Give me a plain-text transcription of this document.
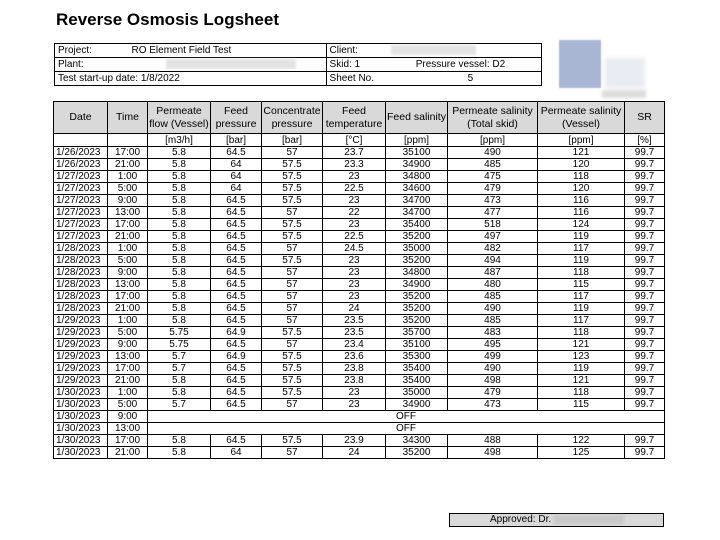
Reverse Osmosis Logsheet
Project: RO Element Field Test	Client:
Plant:	Skid: 1 Pressure vessel: D2
Test start-up date: 1/8/2022	Sheet No. 5
Date	Time	Permeate flow (Vessel)	Feed pressure	Concentrate pressure	Feed temperature	Feed salinity	Permeate salinity (Total skid)	Permeate salinity (Vessel)	SR
		[m3/h]	[bar]	[bar]	[°C]	[ppm]	[ppm]	[ppm]	[%]
1/26/2023	17:00	5.8	64.5	57	23.7	35100	490	121	99.7
1/26/2023	21:00	5.8	64	57.5	23.3	34900	485	120	99.7
1/27/2023	1:00	5.8	64	57.5	23	34800	475	118	99.7
1/27/2023	5:00	5.8	64	57.5	22.5	34600	479	120	99.7
1/27/2023	9:00	5.8	64.5	57.5	23	34700	473	116	99.7
1/27/2023	13:00	5.8	64.5	57	22	34700	477	116	99.7
1/27/2023	17:00	5.8	64.5	57.5	23	35400	518	124	99.7
1/27/2023	21:00	5.8	64.5	57.5	22.5	35200	497	119	99.7
1/28/2023	1:00	5.8	64.5	57	24.5	35000	482	117	99.7
1/28/2023	5:00	5.8	64.5	57.5	23	35200	494	119	99.7
1/28/2023	9:00	5.8	64.5	57	23	34800	487	118	99.7
1/28/2023	13:00	5.8	64.5	57	23	34900	480	115	99.7
1/28/2023	17:00	5.8	64.5	57	23	35200	485	117	99.7
1/28/2023	21:00	5.8	64.5	57	24	35200	490	119	99.7
1/29/2023	1:00	5.8	64.5	57	23.5	35200	485	117	99.7
1/29/2023	5:00	5.75	64.9	57.5	23.5	35700	483	118	99.7
1/29/2023	9:00	5.75	64.5	57	23.4	35100	495	121	99.7
1/29/2023	13:00	5.7	64.9	57.5	23.6	35300	499	123	99.7
1/29/2023	17:00	5.7	64.5	57.5	23.8	35400	490	119	99.7
1/29/2023	21:00	5.8	64.5	57.5	23.8	35400	498	121	99.7
1/30/2023	1:00	5.8	64.5	57.5	23	35000	479	118	99.7
1/30/2023	5:00	5.7	64.5	57	23	34900	473	115	99.7
1/30/2023	9:00	OFF							
1/30/2023	13:00	OFF							
1/30/2023	17:00	5.8	64.5	57.5	23.9	34300	488	122	99.7
1/30/2023	21:00	5.8	64	57	24	35200	498	125	99.7
Approved: Dr.
